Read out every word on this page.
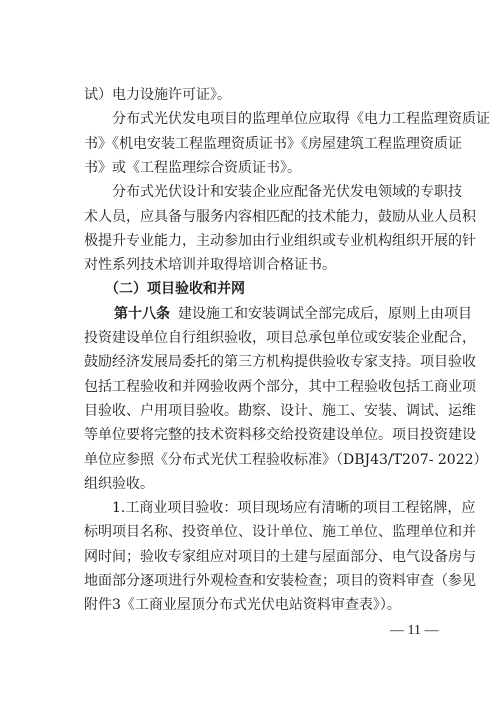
试）电力设施许可证》。
　　分布式光伏发电项目的监理单位应取得《电力工程监理资质证
书》《机电安装工程监理资质证书》《房屋建筑工程监理资质证
书》或《工程监理综合资质证书》。
　　分布式光伏设计和安装企业应配备光伏发电领域的专职技
术人员，应具备与服务内容相匹配的技术能力，鼓励从业人员积
极提升专业能力，主动参加由行业组织或专业机构组织开展的针
对性系列技术培训并取得培训合格证书。
　　（二）项目验收和并网
第十八条 建设施工和安装调试全部完成后，原则上由项目
投资建设单位自行组织验收，项目总承包单位或安装企业配合，
鼓励经济发展局委托的第三方机构提供验收专家支持。项目验收
包括工程验收和并网验收两个部分，其中工程验收包括工商业项
目验收、户用项目验收。勘察、设计、施工、安装、调试、运维
等单位要将完整的技术资料移交给投资建设单位。项目投资建设
单位应参照《分布式光伏工程验收标准》（DBJ43/T207- 2022）
— 11 —
组织验收。
　　1.工商业项目验收：项目现场应有清晰的项目工程铭牌，应
标明项目名称、投资单位、设计单位、施工单位、监理单位和并
网时间；验收专家组应对项目的土建与屋面部分、电气设备房与
地面部分逐项进行外观检查和安装检查；项目的资料审查（参见
附件3《工商业屋顶分布式光伏电站资料审查表》）。
